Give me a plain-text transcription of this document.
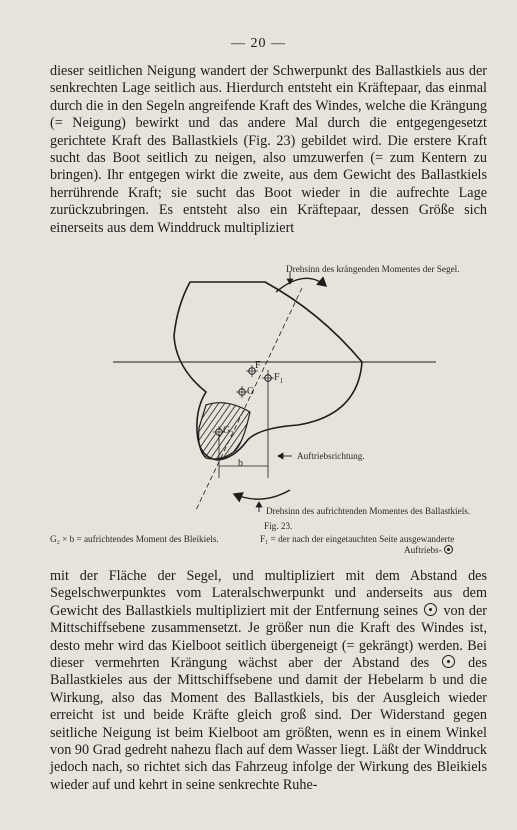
— 20 —

dieser seitlichen Neigung wandert der Schwerpunkt des Ballastkiels aus der senkrechten Lage seitlich aus. Hierdurch entsteht ein Kräftepaar, das einmal durch die in den Segeln angreifende Kraft des Windes, welche die Krängung (= Neigung) bewirkt und das andere Mal durch die entgegengesetzt gerichtete Kraft des Ballastkiels (Fig. 23) gebildet wird. Die erstere Kraft sucht das Boot seitlich zu neigen, also umzuwerfen (= zum Kentern zu bringen). Ihr entgegen wirkt die zweite, aus dem Gewicht des Ballastkiels herrührende Kraft; sie sucht das Boot wieder in die aufrechte Lage zurückzubringen. Es entsteht also ein Kräftepaar, dessen Größe sich einerseits aus dem Winddruck multipliziert

Drehsinn des krängenden Momentes der Segel.
F
$F_1$
G
$G_2$
b
Auftriebsrichtung.
Drehsinn des aufrichtenden Momentes des Ballastkiels.
Fig. 23.
G₂ × b = aufrichtendes Moment des Bleikiels.	F₁ = der nach der eingetauchten Seite ausgewanderte
Auftriebs-

mit der Fläche der Segel, und multipliziert mit dem Abstand des Segelschwerpunktes vom Lateralschwerpunkt und anderseits aus dem Gewicht des Ballastkiels multipliziert mit der Entfernung seines von der Mittschiffsebene zusammensetzt. Je größer nun die Kraft des Windes ist, desto mehr wird das Kielboot seitlich übergeneigt (= gekrängt) werden. Bei dieser vermehrten Krängung wächst aber der Abstand des	des Ballastkieles aus der Mittschiffsebene und damit der Hebelarm b und die Wirkung, also das Moment des Ballastkiels, bis der Ausgleich wieder erreicht ist und beide Kräfte gleich groß sind. Der Widerstand gegen seitliche Neigung ist beim Kielboot am größten, wenn es in einem Winkel von 90 Grad gedreht nahezu flach auf dem Wasser liegt. Läßt der Winddruck jedoch nach, so richtet sich das Fahrzeug infolge der Wirkung des Bleikiels wieder auf und kehrt in seine senkrechte Ruhe-
